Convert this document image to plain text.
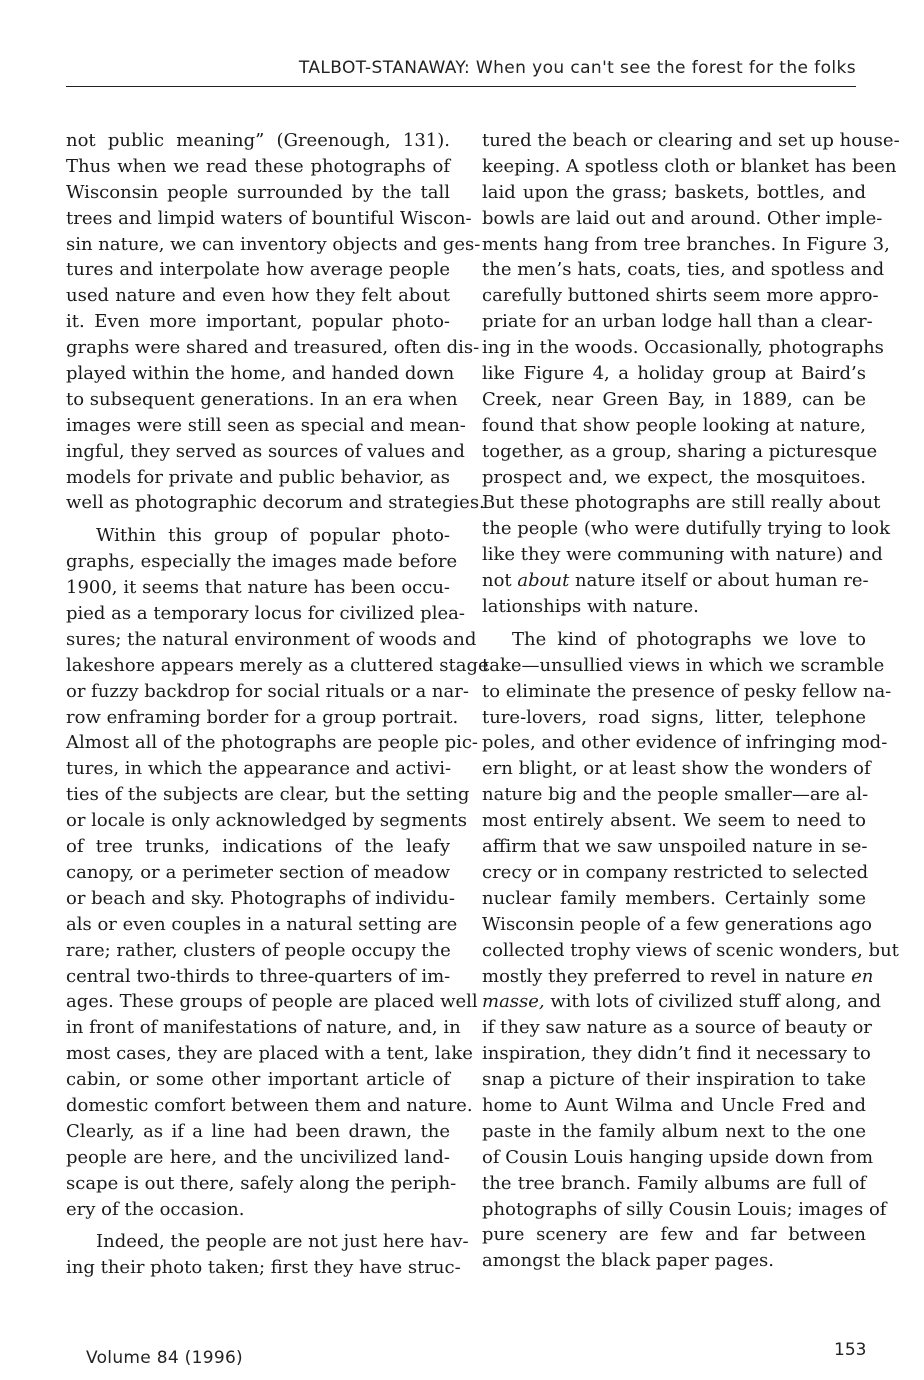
TALBOT-STANAWAY: When you can't see the forest for the folks
not public meaning” (Greenough, 131).
Thus when we read these photographs of
Wisconsin people surrounded by the tall
trees and limpid waters of bountiful Wiscon-
sin nature, we can inventory objects and ges-
tures and interpolate how average people
used nature and even how they felt about
it. Even more important, popular photo-
graphs were shared and treasured, often dis-
played within the home, and handed down
to subsequent generations. In an era when
images were still seen as special and mean-
ingful, they served as sources of values and
models for private and public behavior, as
well as photographic decorum and strategies.
Within this group of popular photo-
graphs, especially the images made before
1900, it seems that nature has been occu-
pied as a temporary locus for civilized plea-
sures; the natural environment of woods and
lakeshore appears merely as a cluttered stage
or fuzzy backdrop for social rituals or a nar-
row enframing border for a group portrait.
Almost all of the photographs are people pic-
tures, in which the appearance and activi-
ties of the subjects are clear, but the setting
or locale is only acknowledged by segments
of tree trunks, indications of the leafy
canopy, or a perimeter section of meadow
or beach and sky. Photographs of individu-
als or even couples in a natural setting are
rare; rather, clusters of people occupy the
central two-thirds to three-quarters of im-
ages. These groups of people are placed well
in front of manifestations of nature, and, in
most cases, they are placed with a tent, lake
cabin, or some other important article of
domestic comfort between them and nature.
Clearly, as if a line had been drawn, the
people are here, and the uncivilized land-
scape is out there, safely along the periph-
ery of the occasion.
Indeed, the people are not just here hav-
ing their photo taken; first they have struc-
tured the beach or clearing and set up house-
keeping. A spotless cloth or blanket has been
laid upon the grass; baskets, bottles, and
bowls are laid out and around. Other imple-
ments hang from tree branches. In Figure 3,
the men’s hats, coats, ties, and spotless and
carefully buttoned shirts seem more appro-
priate for an urban lodge hall than a clear-
ing in the woods. Occasionally, photographs
like Figure 4, a holiday group at Baird’s
Creek, near Green Bay, in 1889, can be
found that show people looking at nature,
together, as a group, sharing a picturesque
prospect and, we expect, the mosquitoes.
But these photographs are still really about
the people (who were dutifully trying to look
like they were communing with nature) and
not about nature itself or about human re-
lationships with nature.
The kind of photographs we love to
take—unsullied views in which we scramble
to eliminate the presence of pesky fellow na-
ture-lovers, road signs, litter, telephone
poles, and other evidence of infringing mod-
ern blight, or at least show the wonders of
nature big and the people smaller—are al-
most entirely absent. We seem to need to
affirm that we saw unspoiled nature in se-
crecy or in company restricted to selected
nuclear family members. Certainly some
Wisconsin people of a few generations ago
collected trophy views of scenic wonders, but
mostly they preferred to revel in nature en
masse, with lots of civilized stuff along, and
if they saw nature as a source of beauty or
inspiration, they didn’t find it necessary to
snap a picture of their inspiration to take
home to Aunt Wilma and Uncle Fred and
paste in the family album next to the one
of Cousin Louis hanging upside down from
the tree branch. Family albums are full of
photographs of silly Cousin Louis; images of
pure scenery are few and far between
amongst the black paper pages.
Volume 84 (1996)	153
